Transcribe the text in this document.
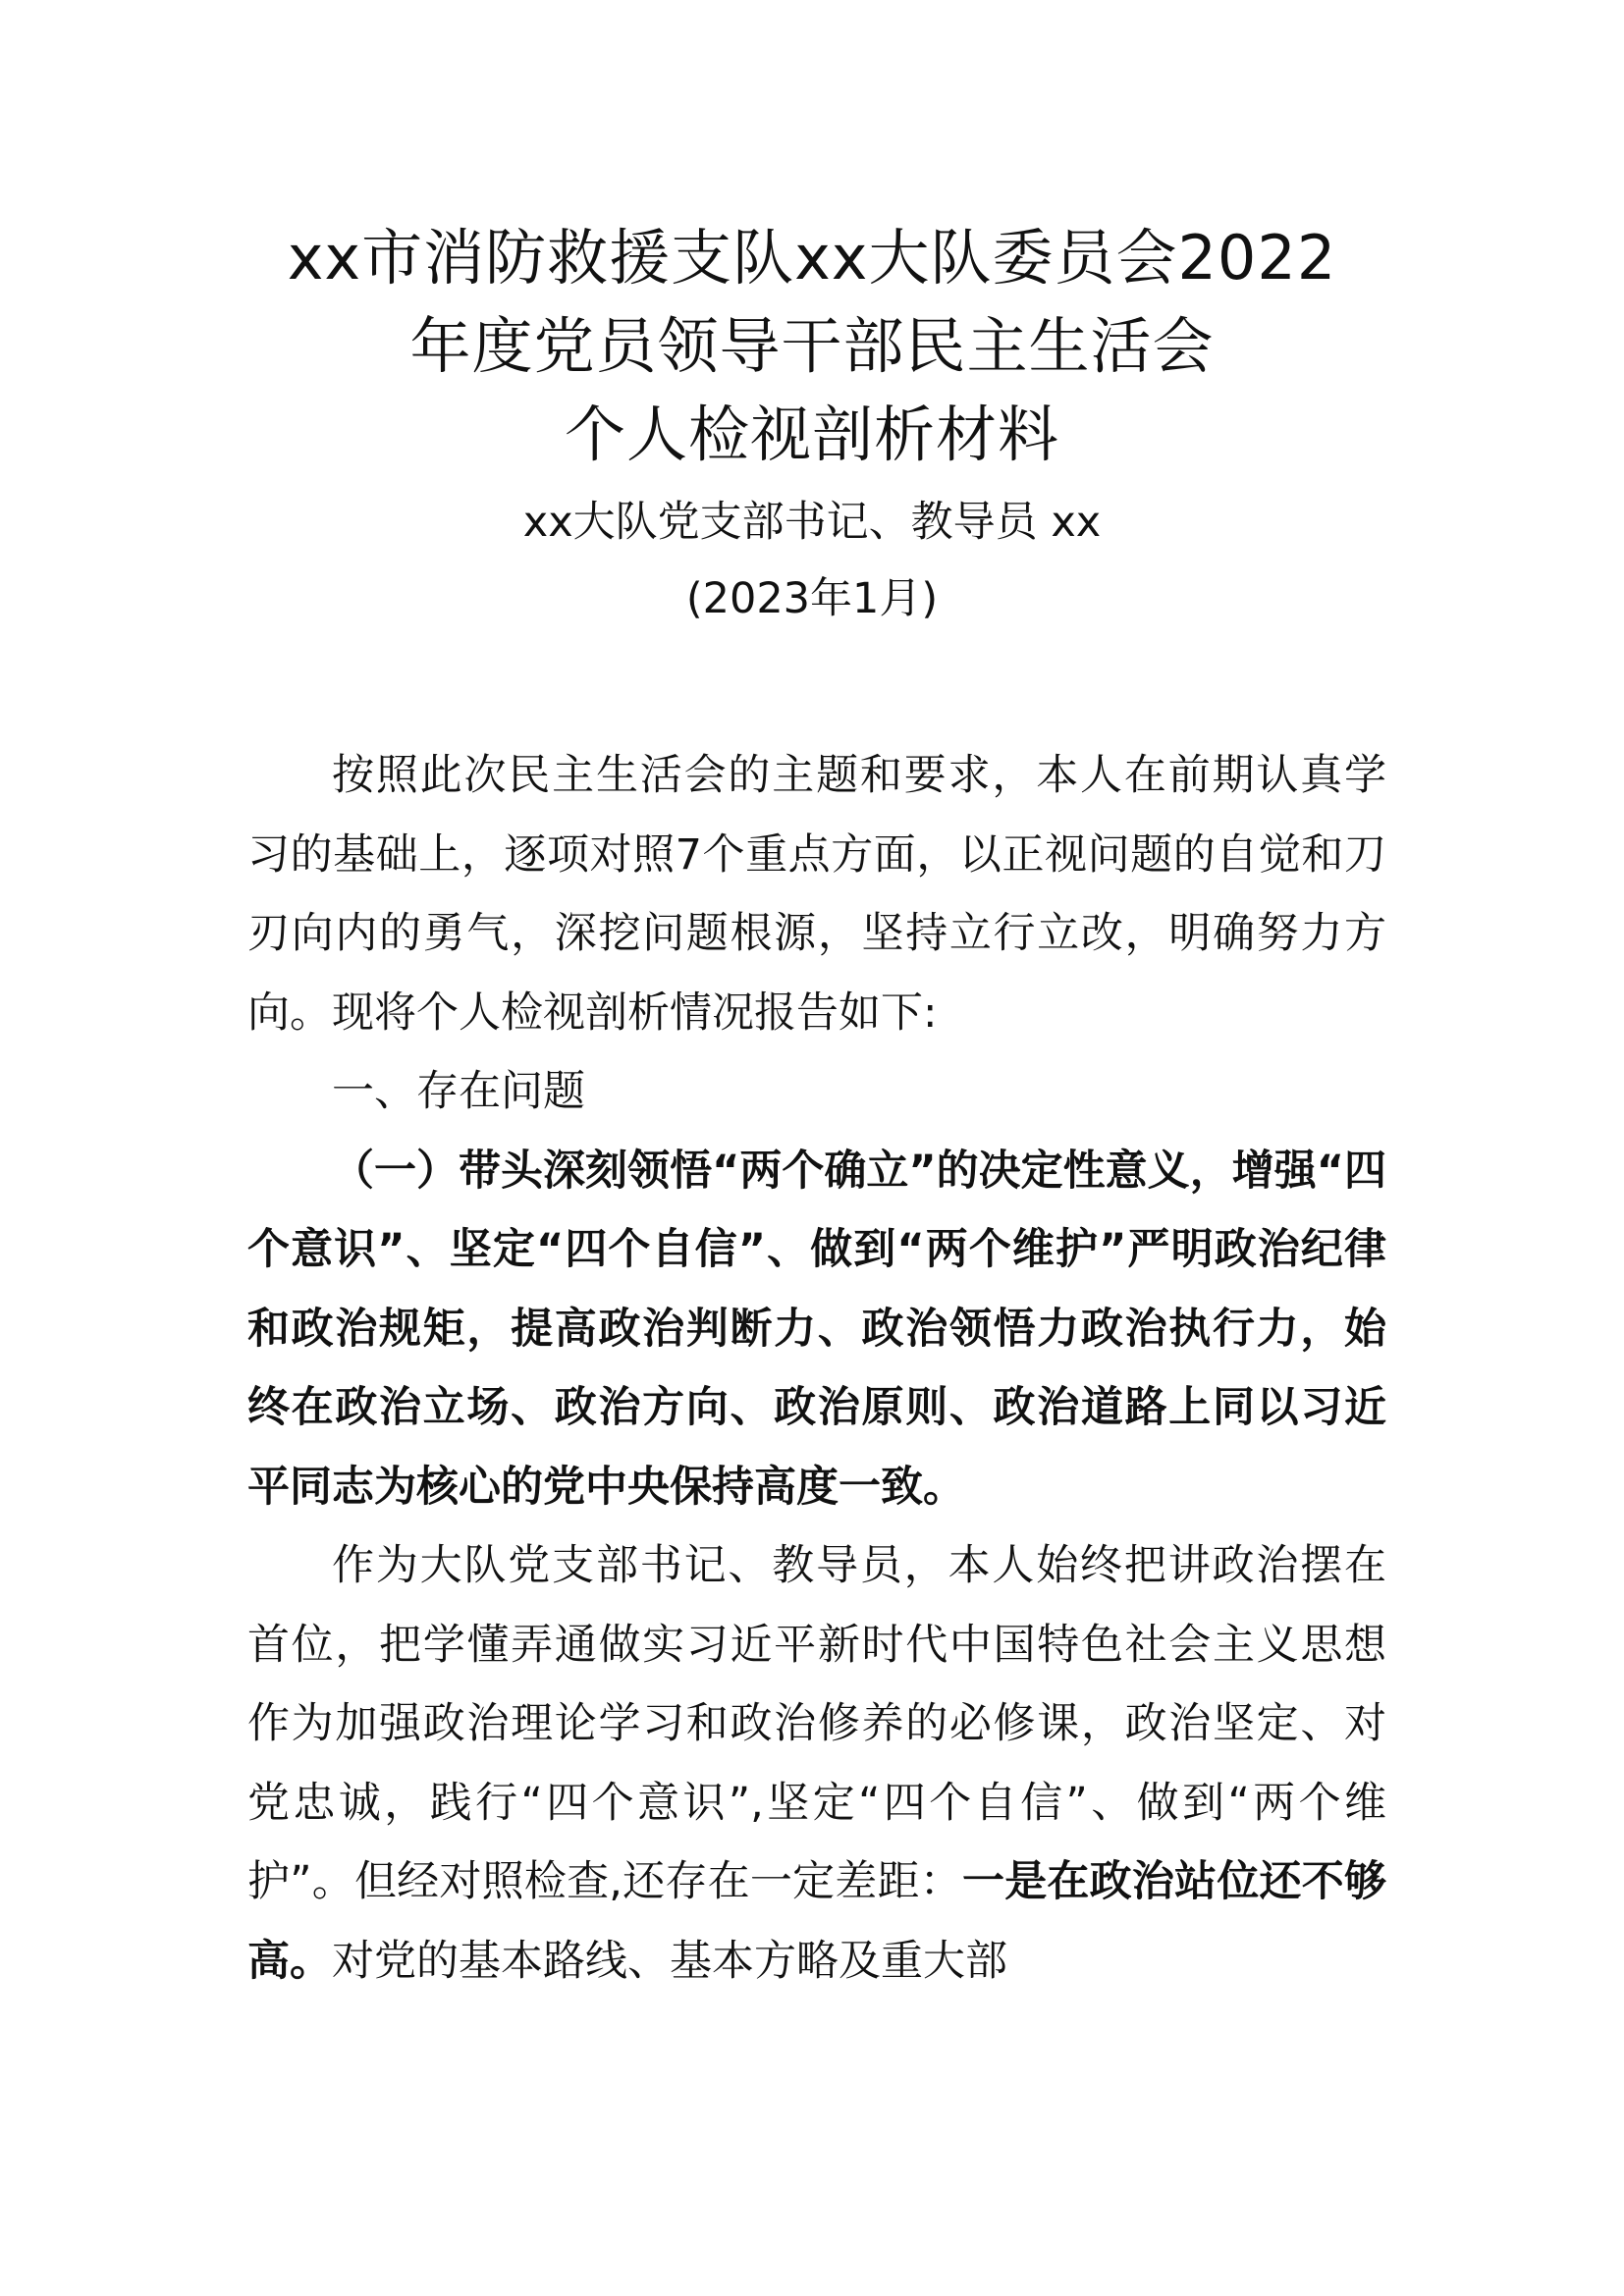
xx市消防救援支队xx大队委员会2022
年度党员领导干部民主生活会
个人检视剖析材料

xx大队党支部书记、教导员 xx

(2023年1月)

按照此次民主生活会的主题和要求，本人在前期认真学习的基础上，逐项对照7个重点方面，以正视问题的自觉和刀刃向内的勇气，深挖问题根源，坚持立行立改，明确努力方向。现将个人检视剖析情况报告如下:

一、存在问题

（一）带头深刻领悟“两个确立”的决定性意义，增强“四个意识”、坚定“四个自信”、做到“两个维护”严明政治纪律和政治规矩，提高政治判断力、政治领悟力政治执行力，始终在政治立场、政治方向、政治原则、政治道路上同以习近平同志为核心的党中央保持高度一致。

作为大队党支部书记、教导员，本人始终把讲政治摆在首位，把学懂弄通做实习近平新时代中国特色社会主义思想作为加强政治理论学习和政治修养的必修课，政治坚定、对党忠诚，践行“四个意识”,坚定“四个自信”、做到“两个维护”。但经对照检查,还存在一定差距：一是在政治站位还不够高。对党的基本路线、基本方略及重大部
